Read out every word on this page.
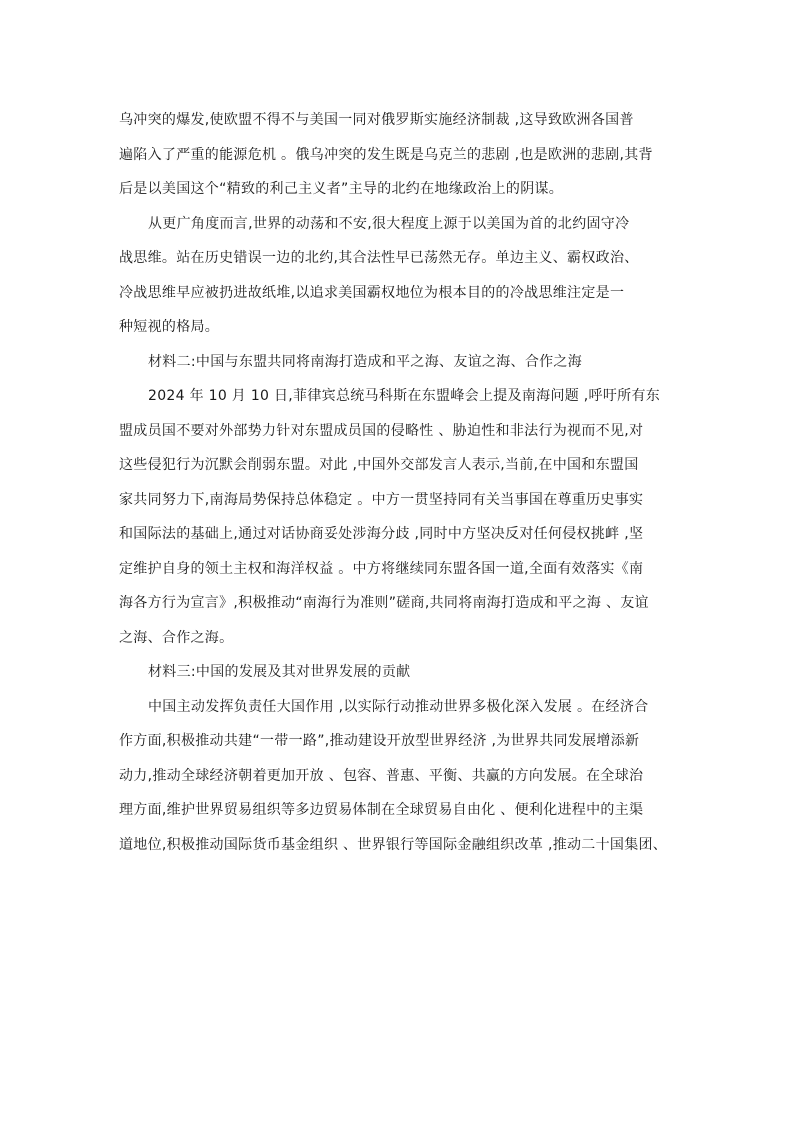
乌冲突的爆发,使欧盟不得不与美国一同对俄罗斯实施经济制裁 ,这导致欧洲各国普
遍陷入了严重的能源危机 。俄乌冲突的发生既是乌克兰的悲剧 ,也是欧洲的悲剧,其背
后是以美国这个“精致的利己主义者”主导的北约在地缘政治上的阴谋。
从更广角度而言,世界的动荡和不安,很大程度上源于以美国为首的北约固守冷
战思维。站在历史错误一边的北约,其合法性早已荡然无存。单边主义、霸权政治、
冷战思维早应被扔进故纸堆,以追求美国霸权地位为根本目的的冷战思维注定是一
种短视的格局。
材料二:中国与东盟共同将南海打造成和平之海、友谊之海、合作之海
2024 年 10 月 10 日,菲律宾总统马科斯在东盟峰会上提及南海问题 ,呼吁所有东
盟成员国不要对外部势力针对东盟成员国的侵略性 、胁迫性和非法行为视而不见,对
这些侵犯行为沉默会削弱东盟。对此 ,中国外交部发言人表示,当前,在中国和东盟国
家共同努力下,南海局势保持总体稳定 。中方一贯坚持同有关当事国在尊重历史事实
和国际法的基础上,通过对话协商妥处涉海分歧 ,同时中方坚决反对任何侵权挑衅 ,坚
定维护自身的领土主权和海洋权益 。中方将继续同东盟各国一道,全面有效落实《南
海各方行为宣言》,积极推动“南海行为准则”磋商,共同将南海打造成和平之海 、友谊
之海、合作之海。
材料三:中国的发展及其对世界发展的贡献
中国主动发挥负责任大国作用 ,以实际行动推动世界多极化深入发展 。在经济合
作方面,积极推动共建“一带一路”,推动建设开放型世界经济 ,为世界共同发展增添新
动力,推动全球经济朝着更加开放 、包容、普惠、平衡、共赢的方向发展。在全球治
理方面,维护世界贸易组织等多边贸易体制在全球贸易自由化 、便利化进程中的主渠
道地位,积极推动国际货币基金组织 、世界银行等国际金融组织改革 ,推动二十国集团、
